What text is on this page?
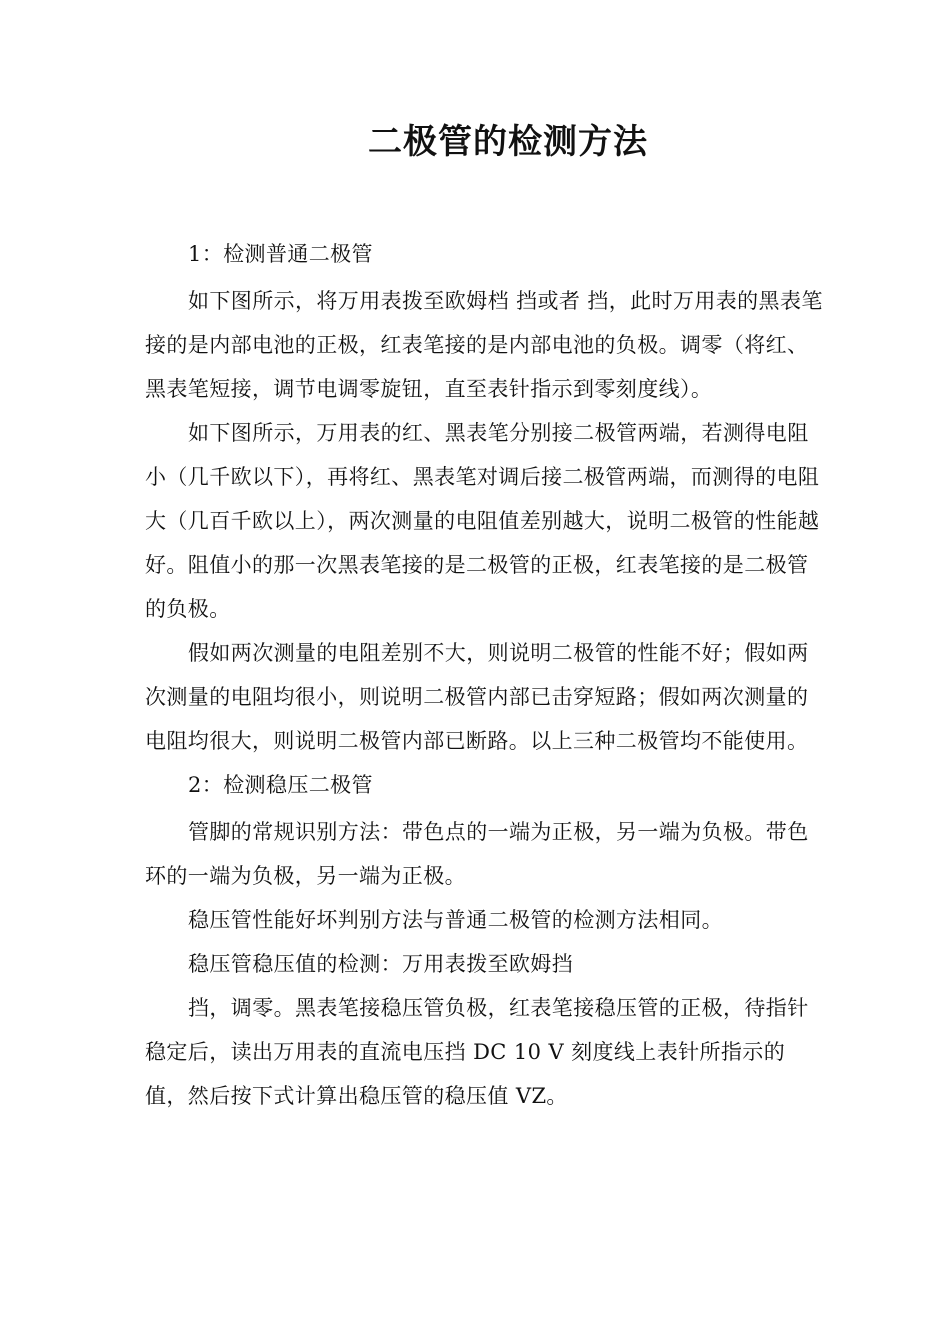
二极管的检测方法

1：检测普通二极管

如下图所示，将万用表拨至欧姆档 挡或者 挡，此时万用表的黑表笔接的是内部电池的正极，红表笔接的是内部电池的负极。调零（将红、黑表笔短接，调节电调零旋钮，直至表针指示到零刻度线）。

如下图所示，万用表的红、黑表笔分别接二极管两端，若测得电阻小（几千欧以下），再将红、黑表笔对调后接二极管两端，而测得的电阻大（几百千欧以上），两次测量的电阻值差别越大，说明二极管的性能越好。阻值小的那一次黑表笔接的是二极管的正极，红表笔接的是二极管的负极。

假如两次测量的电阻差别不大，则说明二极管的性能不好；假如两次测量的电阻均很小，则说明二极管内部已击穿短路；假如两次测量的电阻均很大，则说明二极管内部已断路。以上三种二极管均不能使用。

2：检测稳压二极管

管脚的常规识别方法：带色点的一端为正极，另一端为负极。带色环的一端为负极，另一端为正极。

稳压管性能好坏判别方法与普通二极管的检测方法相同。

稳压管稳压值的检测：万用表拨至欧姆挡

挡，调零。黑表笔接稳压管负极，红表笔接稳压管的正极，待指针稳定后，读出万用表的直流电压挡 DC 10 V 刻度线上表针所指示的值，然后按下式计算出稳压管的稳压值 VZ。
